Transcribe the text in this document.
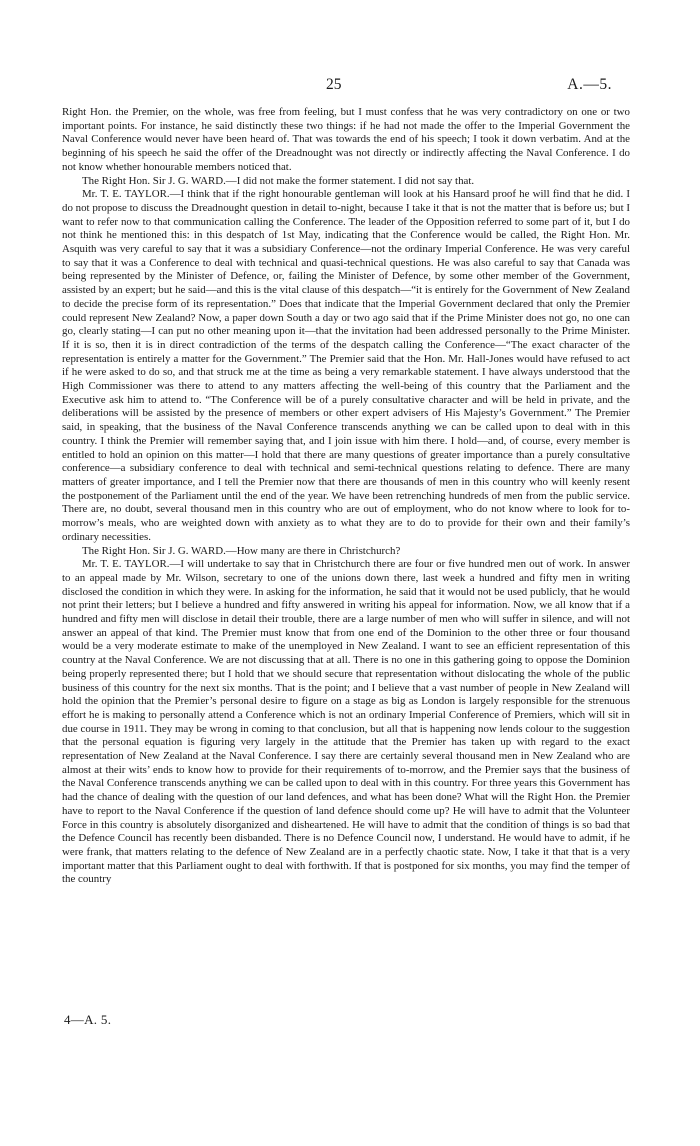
25	A.—5.

Right Hon. the Premier, on the whole, was free from feeling, but I must confess that he was very contradictory on one or two important points. For instance, he said distinctly these two things: if he had not made the offer to the Imperial Government the Naval Conference would never have been heard of. That was towards the end of his speech; I took it down verbatim. And at the beginning of his speech he said the offer of the Dreadnought was not directly or indirectly affecting the Naval Conference. I do not know whether honourable members noticed that.

The Right Hon. Sir J. G. WARD.—I did not make the former statement. I did not say that.

Mr. T. E. TAYLOR.—I think that if the right honourable gentleman will look at his Hansard proof he will find that he did. I do not propose to discuss the Dreadnought question in detail to-night, because I take it that is not the matter that is before us; but I want to refer now to that communication calling the Conference. The leader of the Opposition referred to some part of it, but I do not think he mentioned this: in this despatch of 1st May, indicating that the Conference would be called, the Right Hon. Mr. Asquith was very careful to say that it was a subsidiary Conference—not the ordinary Imperial Conference. He was very careful to say that it was a Conference to deal with technical and quasi-technical questions. He was also careful to say that Canada was being represented by the Minister of Defence, or, failing the Minister of Defence, by some other member of the Government, assisted by an expert; but he said—and this is the vital clause of this despatch—“it is entirely for the Government of New Zealand to decide the precise form of its representation.” Does that indicate that the Imperial Government declared that only the Premier could represent New Zealand? Now, a paper down South a day or two ago said that if the Prime Minister does not go, no one can go, clearly stating—I can put no other meaning upon it—that the invitation had been addressed personally to the Prime Minister. If it is so, then it is in direct contradiction of the terms of the despatch calling the Conference—“The exact character of the representation is entirely a matter for the Government.” The Premier said that the Hon. Mr. Hall-Jones would have refused to act if he were asked to do so, and that struck me at the time as being a very remarkable statement. I have always understood that the High Commissioner was there to attend to any matters affecting the well-being of this country that the Parliament and the Executive ask him to attend to. “The Conference will be of a purely consultative character and will be held in private, and the deliberations will be assisted by the presence of members or other expert advisers of His Majesty’s Government.” The Premier said, in speaking, that the business of the Naval Conference transcends anything we can be called upon to deal with in this country. I think the Premier will remember saying that, and I join issue with him there. I hold—and, of course, every member is entitled to hold an opinion on this matter—I hold that there are many questions of greater importance than a purely consultative conference—a subsidiary conference to deal with technical and semi-technical questions relating to defence. There are many matters of greater importance, and I tell the Premier now that there are thousands of men in this country who will keenly resent the postponement of the Parliament until the end of the year. We have been retrenching hundreds of men from the public service. There are, no doubt, several thousand men in this country who are out of employment, who do not know where to look for to-morrow’s meals, who are weighted down with anxiety as to what they are to do to provide for their own and their family’s ordinary necessities.

The Right Hon. Sir J. G. WARD.—How many are there in Christchurch?

Mr. T. E. TAYLOR.—I will undertake to say that in Christchurch there are four or five hundred men out of work. In answer to an appeal made by Mr. Wilson, secretary to one of the unions down there, last week a hundred and fifty men in writing disclosed the condition in which they were. In asking for the information, he said that it would not be used publicly, that he would not print their letters; but I believe a hundred and fifty answered in writing his appeal for information. Now, we all know that if a hundred and fifty men will disclose in detail their trouble, there are a large number of men who will suffer in silence, and will not answer an appeal of that kind. The Premier must know that from one end of the Dominion to the other three or four thousand would be a very moderate estimate to make of the unemployed in New Zealand. I want to see an efficient representation of this country at the Naval Conference. We are not discussing that at all. There is no one in this gathering going to oppose the Dominion being properly represented there; but I hold that we should secure that representation without dislocating the whole of the public business of this country for the next six months. That is the point; and I believe that a vast number of people in New Zealand will hold the opinion that the Premier’s personal desire to figure on a stage as big as London is largely responsible for the strenuous effort he is making to personally attend a Conference which is not an ordinary Imperial Conference of Premiers, which will sit in due course in 1911. They may be wrong in coming to that conclusion, but all that is happening now lends colour to the suggestion that the personal equation is figuring very largely in the attitude that the Premier has taken up with regard to the exact representation of New Zealand at the Naval Conference. I say there are certainly several thousand men in New Zealand who are almost at their wits’ ends to know how to provide for their requirements of to-morrow, and the Premier says that the business of the Naval Conference transcends anything we can be called upon to deal with in this country. For three years this Government has had the chance of dealing with the question of our land defences, and what has been done? What will the Right Hon. the Premier have to report to the Naval Conference if the question of land defence should come up? He will have to admit that the Volunteer Force in this country is absolutely disorganized and disheartened. He will have to admit that the condition of things is so bad that the Defence Council has recently been disbanded. There is no Defence Council now, I understand. He would have to admit, if he were frank, that matters relating to the defence of New Zealand are in a perfectly chaotic state. Now, I take it that that is a very important matter that this Parliament ought to deal with forthwith. If that is postponed for six months, you may find the temper of the country

4—A. 5.
